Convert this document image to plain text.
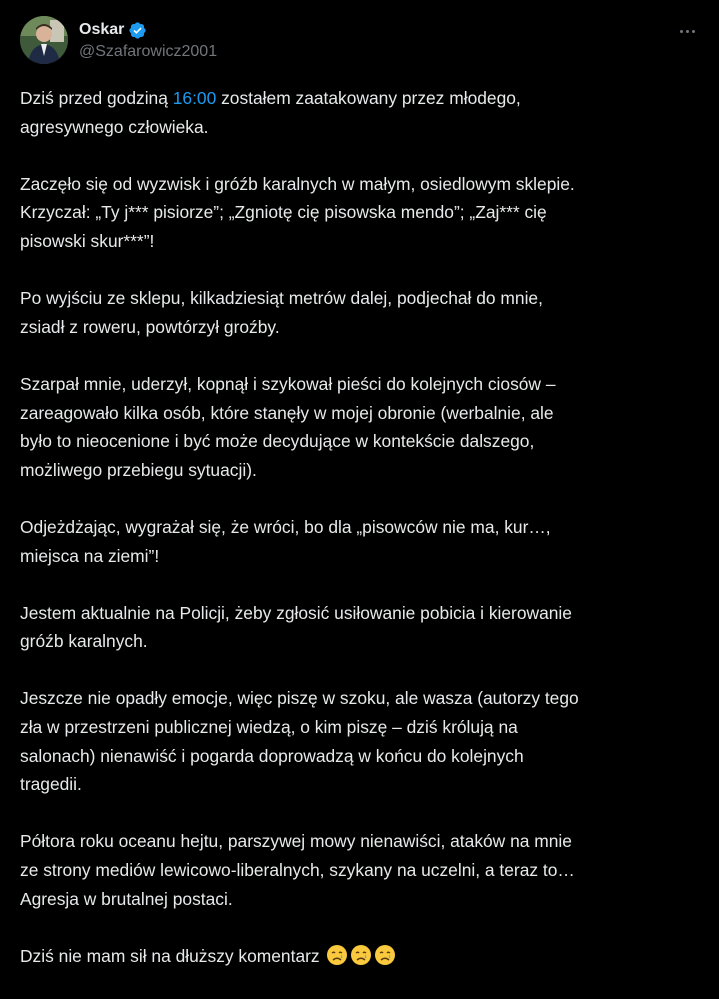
Oskar
@Szafarowicz2001

Dziś przed godziną 16:00 zostałem zaatakowany przez młodego,
agresywnego człowieka.

Zaczęło się od wyzwisk i gróźb karalnych w małym, osiedlowym sklepie.
Krzyczał: „Ty j*** pisiorze”; „Zgniotę cię pisowska mendo”; „Zaj*** cię
pisowski skur***”!

Po wyjściu ze sklepu, kilkadziesiąt metrów dalej, podjechał do mnie,
zsiadł z roweru, powtórzył groźby.

Szarpał mnie, uderzył, kopnął i szykował pieści do kolejnych ciosów –
zareagowało kilka osób, które stanęły w mojej obronie (werbalnie, ale
było to nieocenione i być może decydujące w kontekście dalszego,
możliwego przebiegu sytuacji).

Odjeżdżając, wygrażał się, że wróci, bo dla „pisowców nie ma, kur…,
miejsca na ziemi”!

Jestem aktualnie na Policji, żeby zgłosić usiłowanie pobicia i kierowanie
gróźb karalnych.

Jeszcze nie opadły emocje, więc piszę w szoku, ale wasza (autorzy tego
zła w przestrzeni publicznej wiedzą, o kim piszę – dziś królują na
salonach) nienawiść i pogarda doprowadzą w końcu do kolejnych
tragedii.

Półtora roku oceanu hejtu, parszywej mowy nienawiści, ataków na mnie
ze strony mediów lewicowo-liberalnych, szykany na uczelni, a teraz to…
Agresja w brutalnej postaci.

Dziś nie mam sił na dłuższy komentarz
